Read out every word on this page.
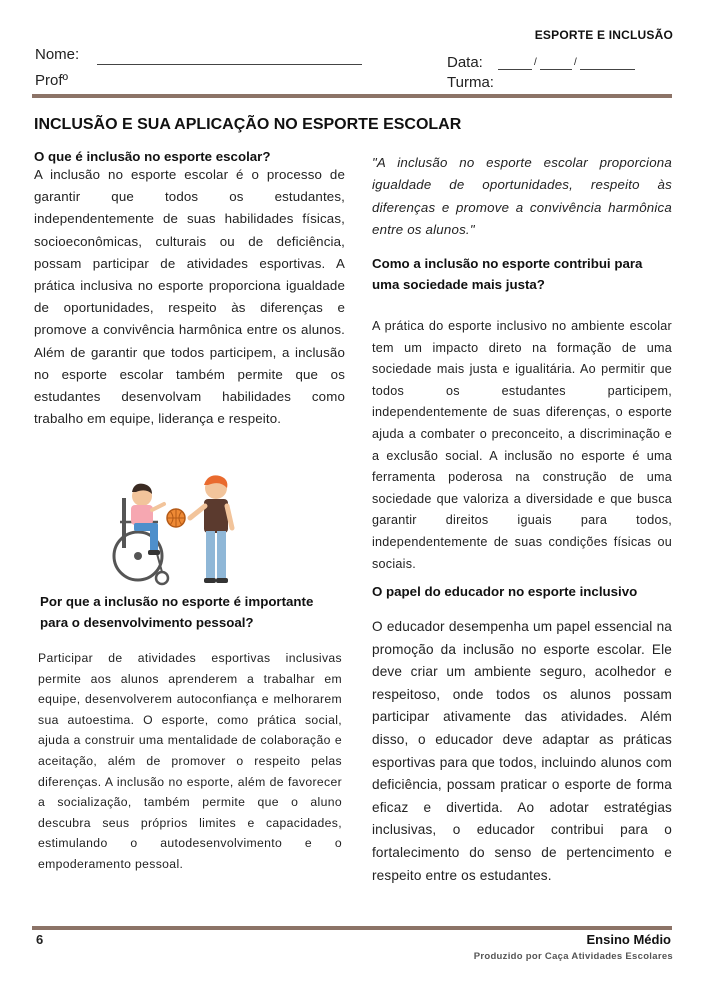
ESPORTE E INCLUSÃO
Nome:
Profº
Data:	/	/
Turma:
INCLUSÃO E SUA APLICAÇÃO NO ESPORTE ESCOLAR
O que é inclusão no esporte escolar?

A inclusão no esporte escolar é o processo de garantir que todos os estudantes, independentemente de suas habilidades físicas, socioeconômicas, culturais ou de deficiência, possam participar de atividades esportivas. A prática inclusiva no esporte proporciona igualdade de oportunidades, respeito às diferenças e promove a convivência harmônica entre os alunos. Além de garantir que todos participem, a inclusão no esporte escolar também permite que os estudantes desenvolvam habilidades como trabalho em equipe, liderança e respeito.

Por que a inclusão no esporte é importante para o desenvolvimento pessoal?

Participar de atividades esportivas inclusivas permite aos alunos aprenderem a trabalhar em equipe, desenvolverem autoconfiança e melhorarem sua autoestima. O esporte, como prática social, ajuda a construir uma mentalidade de colaboração e aceitação, além de promover o respeito pelas diferenças. A inclusão no esporte, além de favorecer a socialização, também permite que o aluno descubra seus próprios limites e capacidades, estimulando o autodesenvolvimento e o empoderamento pessoal.

"A inclusão no esporte escolar proporciona igualdade de oportunidades, respeito às diferenças e promove a convivência harmônica entre os alunos."

Como a inclusão no esporte contribui para uma sociedade mais justa?

A prática do esporte inclusivo no ambiente escolar tem um impacto direto na formação de uma sociedade mais justa e igualitária. Ao permitir que todos os estudantes participem, independentemente de suas diferenças, o esporte ajuda a combater o preconceito, a discriminação e a exclusão social. A inclusão no esporte é uma ferramenta poderosa na construção de uma sociedade que valoriza a diversidade e que busca garantir direitos iguais para todos, independentemente de suas condições físicas ou sociais.

O papel do educador no esporte inclusivo

O educador desempenha um papel essencial na promoção da inclusão no esporte escolar. Ele deve criar um ambiente seguro, acolhedor e respeitoso, onde todos os alunos possam participar ativamente das atividades. Além disso, o educador deve adaptar as práticas esportivas para que todos, incluindo alunos com deficiência, possam praticar o esporte de forma eficaz e divertida. Ao adotar estratégias inclusivas, o educador contribui para o fortalecimento do senso de pertencimento e respeito entre os estudantes.

6	Ensino Médio
Produzido por Caça Atividades Escolares
